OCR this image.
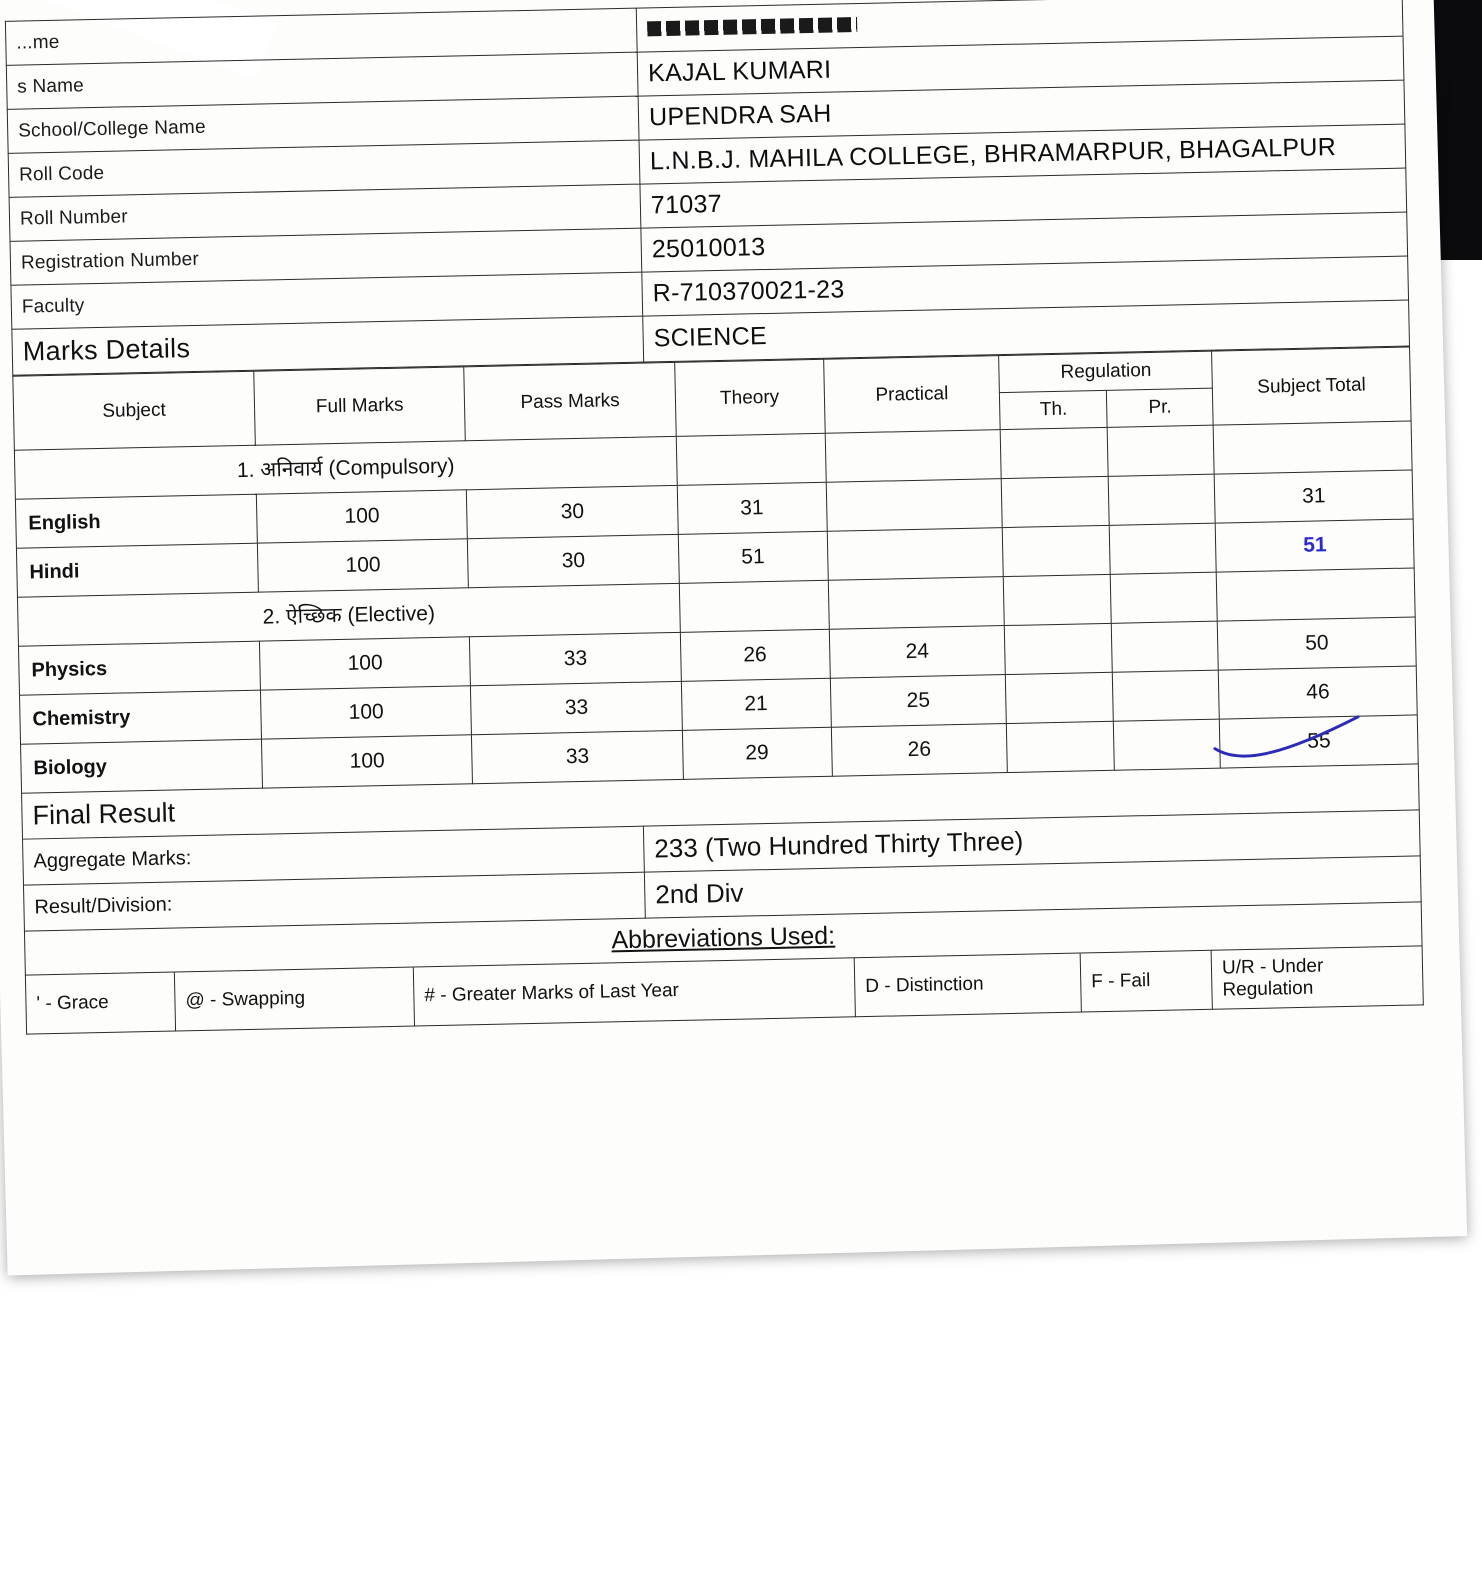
...me	
s Name	KAJAL KUMARI
School/College Name	UPENDRA SAH
Roll Code	L.N.B.J. MAHILA COLLEGE, BHRAMARPUR, BHAGALPUR
Roll Number	71037
Registration Number	25010013
Faculty	R-710370021-23
Marks Details	SCIENCE
Subject	Full Marks	Pass Marks	Theory	Practical	Regulation		Subject Total
					Th.	Pr.	
1. अनिवार्य (Compulsory)							
English	100	30	31				31
Hindi	100	30	51				51
2. ऐच्छिक (Elective)							
Physics	100	33	26	24			50
Chemistry	100	33	21	25			46
Biology	100	33	29	26			55
Final Result	
Aggregate Marks:	233 (Two Hundred Thirty Three)
Result/Division:	2nd Div
Abbreviations Used:	
' - Grace	@ - Swapping	# - Greater Marks of Last Year	D - Distinction	F - Fail	U/R - Under Regulation
